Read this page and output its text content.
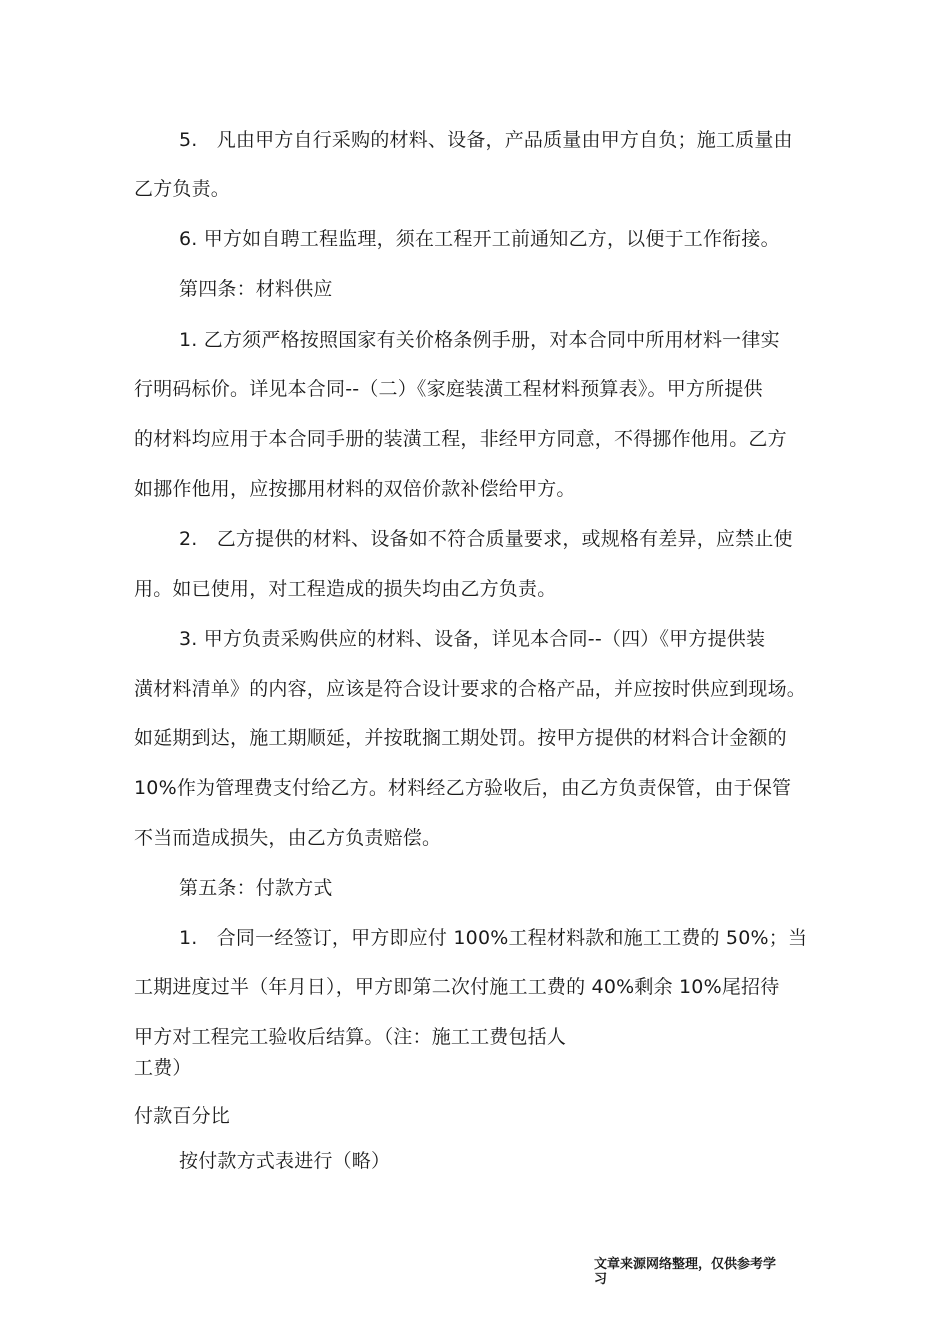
5.　凡由甲方自行采购的材料、设备，产品质量由甲方自负；施工质量由
乙方负责。
6. 甲方如自聘工程监理，须在工程开工前通知乙方，以便于工作衔接。
第四条：材料供应
1. 乙方须严格按照国家有关价格条例手册，对本合同中所用材料一律实
行明码标价。详见本合同--（二）《家庭装潢工程材料预算表》。甲方所提供
的材料均应用于本合同手册的装潢工程，非经甲方同意，不得挪作他用。乙方
如挪作他用，应按挪用材料的双倍价款补偿给甲方。
2.　乙方提供的材料、设备如不符合质量要求，或规格有差异，应禁止使
用。如已使用，对工程造成的损失均由乙方负责。
3. 甲方负责采购供应的材料、设备，详见本合同--（四）《甲方提供装
潢材料清单》的内容，应该是符合设计要求的合格产品，并应按时供应到现场。
如延期到达，施工期顺延，并按耽搁工期处罚。按甲方提供的材料合计金额的
10%作为管理费支付给乙方。材料经乙方验收后，由乙方负责保管，由于保管
不当而造成损失，由乙方负责赔偿。
第五条：付款方式
1.　合同一经签订，甲方即应付 100%工程材料款和施工工费的 50%；当
工期进度过半（年月日），甲方即第二次付施工工费的 40%剩余 10%尾招待
甲方对工程完工验收后结算。（注：施工工费包括人
工费）
付款百分比
按付款方式表进行（略）
文章来源网络整理，仅供参考学
习
